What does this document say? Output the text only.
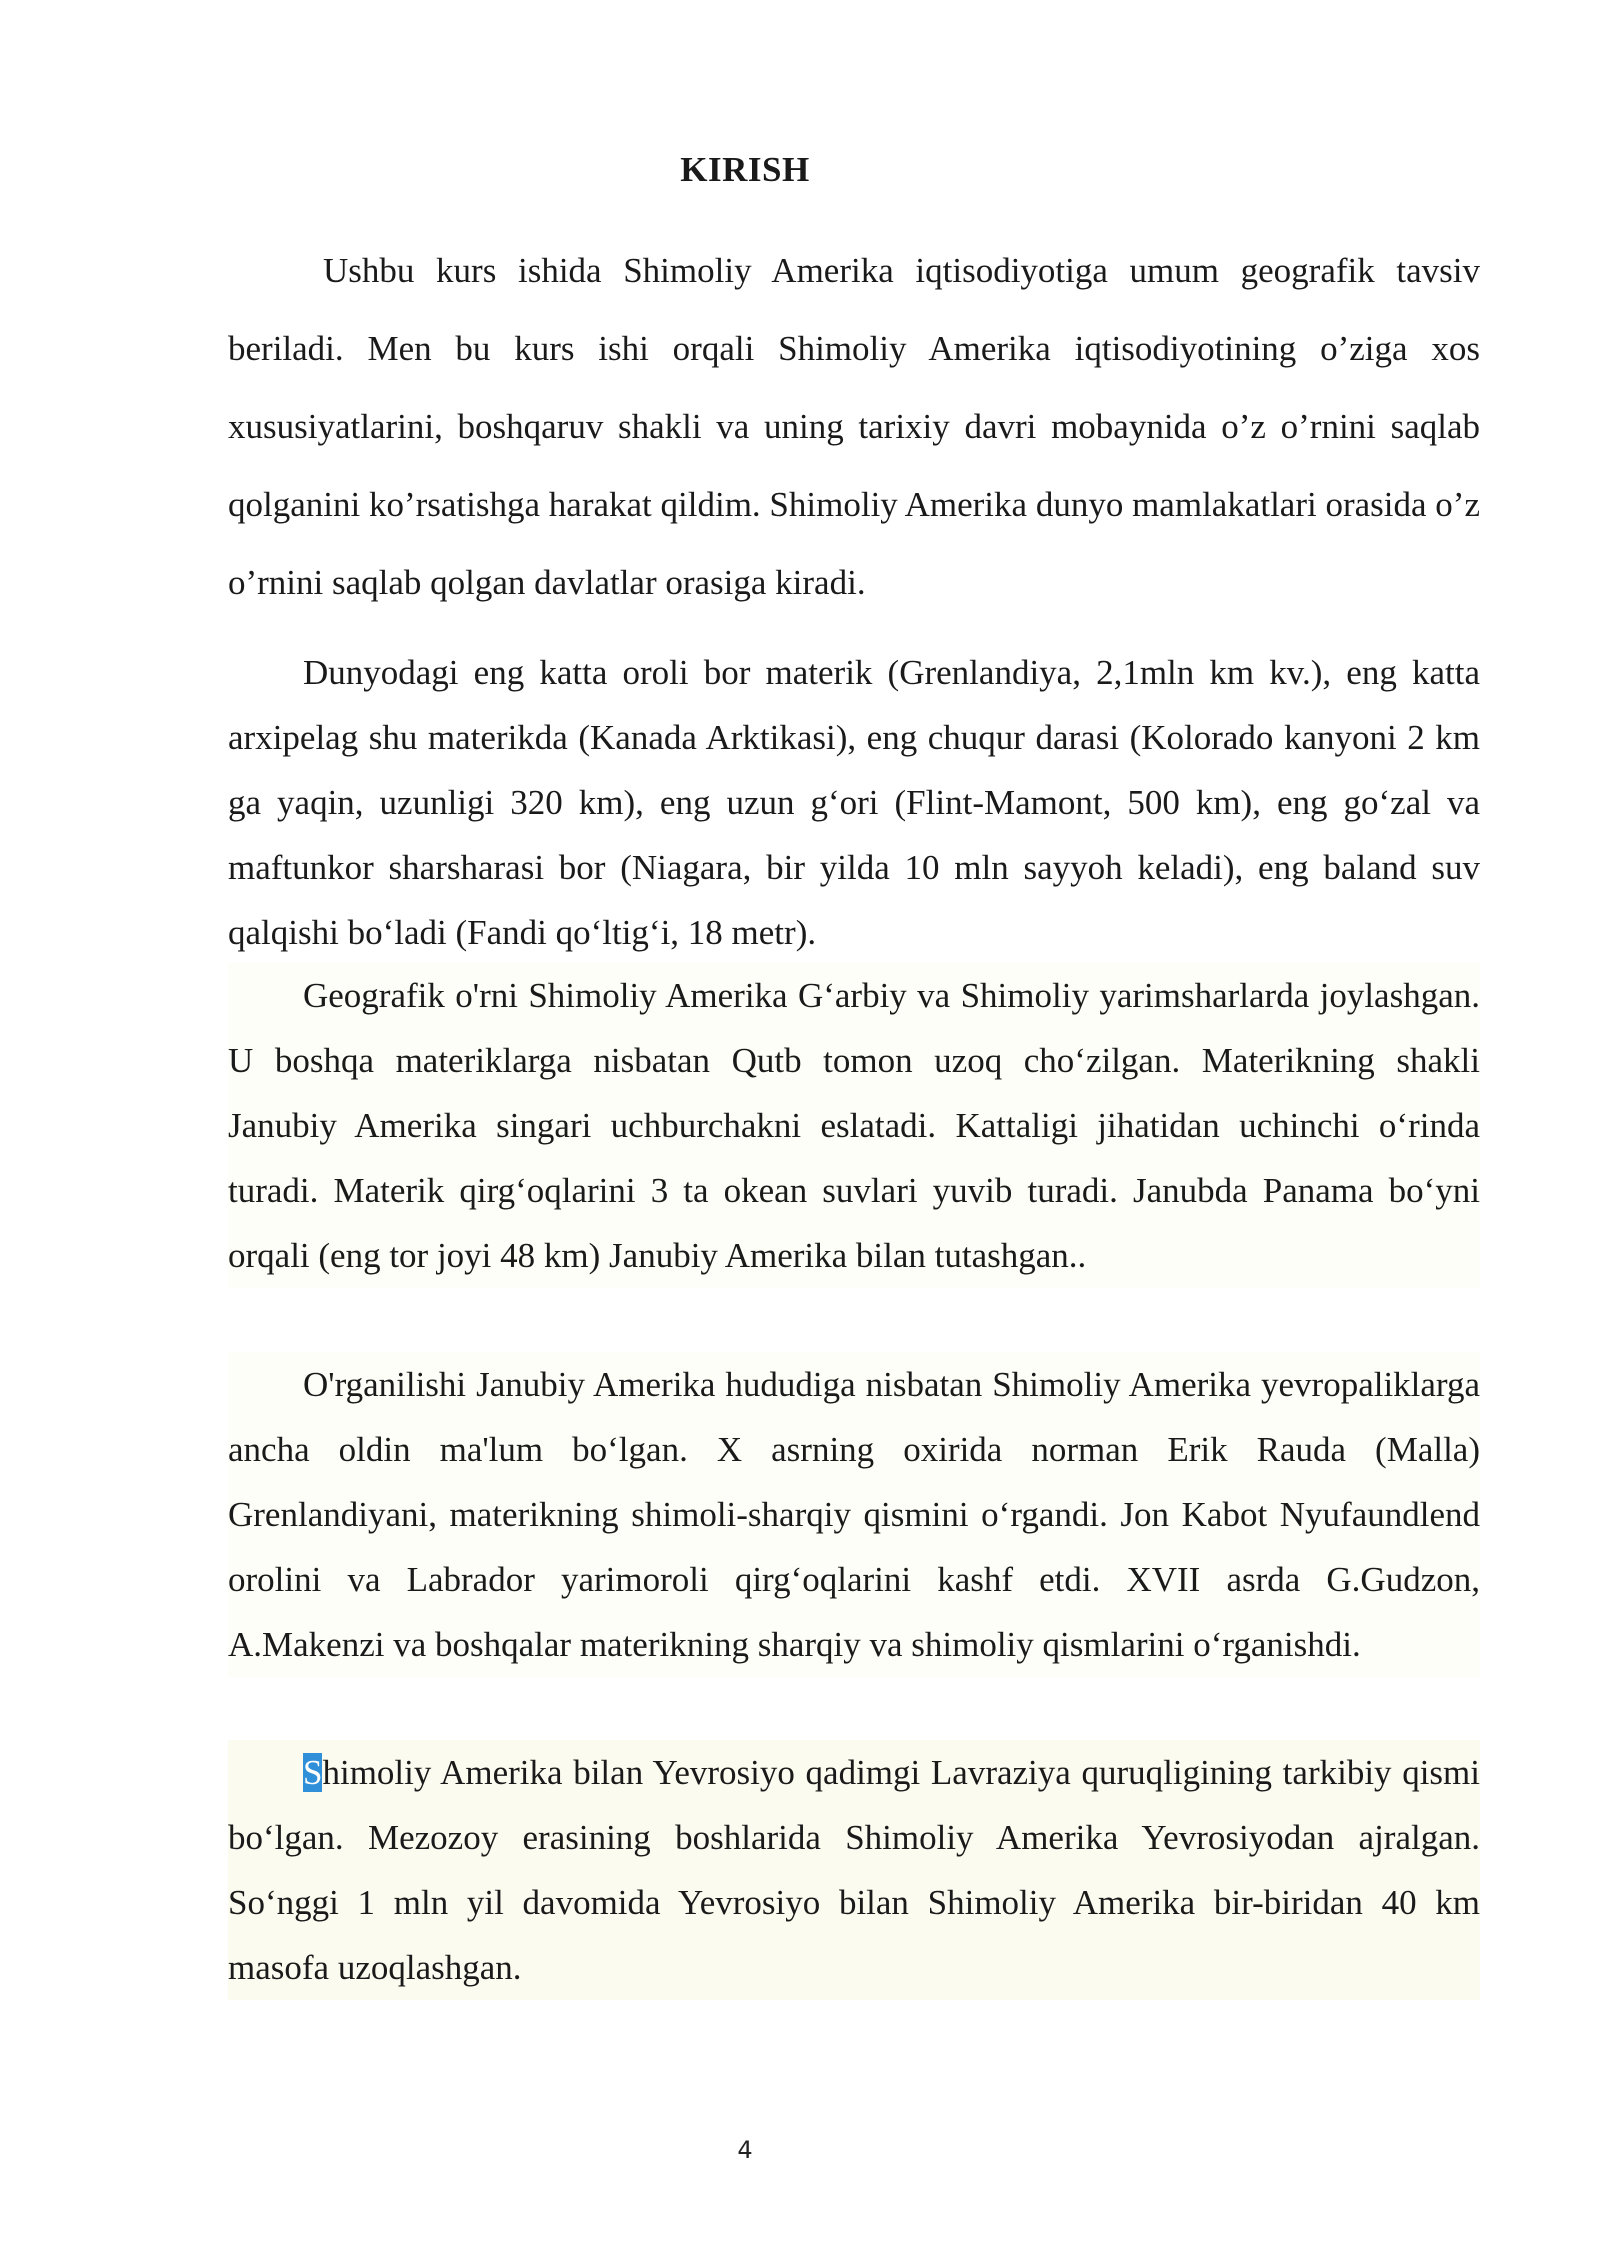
KIRISH
Ushbu kurs ishida Shimoliy Amerika iqtisodiyotiga umum geografik tavsiv beriladi. Men bu kurs ishi orqali Shimoliy Amerika iqtisodiyotining o’ziga xos xususiyatlarini, boshqaruv shakli va uning tarixiy davri mobaynida o’z o’rnini saqlab qolganini ko’rsatishga harakat qildim. Shimoliy Amerika dunyo mamlakatlari orasida o’z o’rnini saqlab qolgan davlatlar orasiga kiradi.
Dunyodagi eng katta oroli bor materik (Grenlandiya, 2,1mln km kv.), eng katta arxipelag shu materikda (Kanada Arktikasi), eng chuqur darasi (Kolorado kanyoni 2 km ga yaqin, uzunligi 320 km), eng uzun g‘ori (Flint-Mamont, 500 km), eng go‘zal va maftunkor sharsharasi bor (Niagara, bir yilda 10 mln sayyoh keladi), eng baland suv qalqishi bo‘ladi (Fandi qo‘ltig‘i, 18 metr).
Geografik o'rni Shimoliy Amerika G‘arbiy va Shimoliy yarimsharlarda joylashgan. U boshqa materiklarga nisbatan Qutb tomon uzoq cho‘zilgan. Materikning shakli Janubiy Amerika singari uchburchakni eslatadi. Kattaligi jihatidan uchinchi o‘rinda turadi. Materik qirg‘oqlarini 3 ta okean suvlari yuvib turadi. Janubda Panama bo‘yni orqali (eng tor joyi 48 km) Janubiy Amerika bilan tutashgan..
O'rganilishi Janubiy Amerika hududiga nisbatan Shimoliy Amerika yevropaliklarga ancha oldin ma'lum bo‘lgan. X asrning oxirida norman Erik Rauda (Malla) Grenlandiyani, materikning shimoli-sharqiy qismini o‘rgandi. Jon Kabot Nyufaundlend orolini va Labrador yarimoroli qirg‘oqlarini kashf etdi. XVII asrda G.Gudzon, A.Makenzi va boshqalar materikning sharqiy va shimoliy qismlarini o‘rganishdi.
Shimoliy Amerika bilan Yevrosiyo qadimgi Lavraziya quruqligining tarkibiy qismi bo‘lgan. Mezozoy erasining boshlarida Shimoliy Amerika Yevrosiyodan ajralgan. So‘nggi 1 mln yil davomida Yevrosiyo bilan Shimoliy Amerika bir-biridan 40 km masofa uzoqlashgan.
4
